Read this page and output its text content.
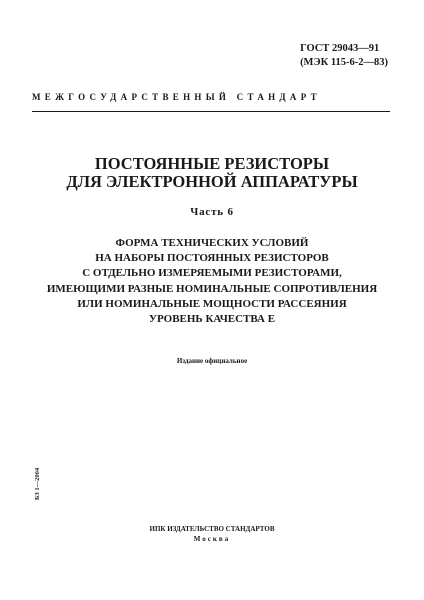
ГОСТ 29043—91
(МЭК 115-6-2—83)
МЕЖГОСУДАРСТВЕННЫЙ СТАНДАРТ
ПОСТОЯННЫЕ РЕЗИСТОРЫ
ДЛЯ ЭЛЕКТРОННОЙ АППАРАТУРЫ
Часть 6
ФОРМА ТЕХНИЧЕСКИХ УСЛОВИЙ
НА НАБОРЫ ПОСТОЯННЫХ РЕЗИСТОРОВ
С ОТДЕЛЬНО ИЗМЕРЯЕМЫМИ РЕЗИСТОРАМИ,
ИМЕЮЩИМИ РАЗНЫЕ НОМИНАЛЬНЫЕ СОПРОТИВЛЕНИЯ
ИЛИ НОМИНАЛЬНЫЕ МОЩНОСТИ РАССЕЯНИЯ
УРОВЕНЬ КАЧЕСТВА Е
Издание официальное
БЗ 1—2004
ИПК ИЗДАТЕЛЬСТВО СТАНДАРТОВ
Москва
